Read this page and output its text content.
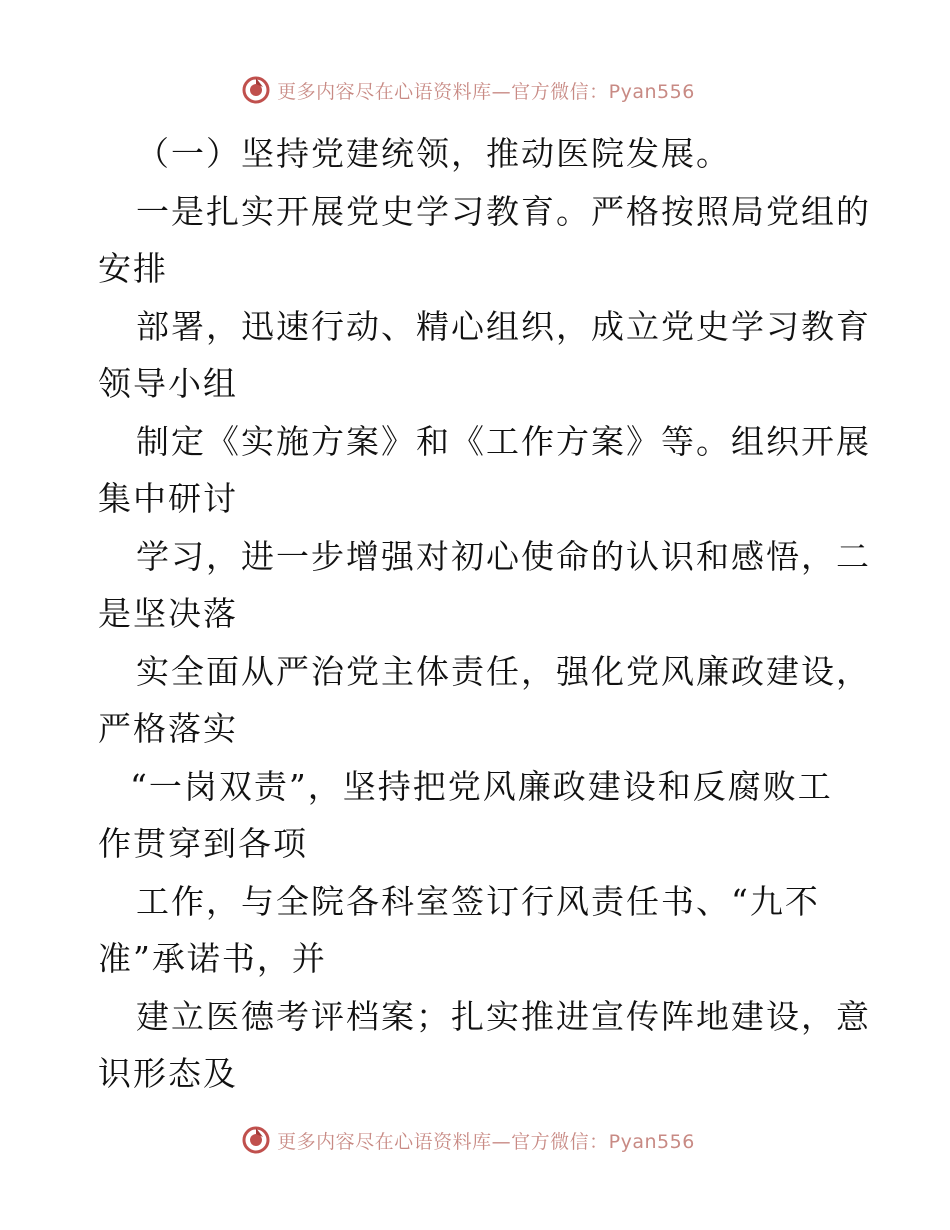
更多内容尽在心语资料库—官方微信：Pyan556
（一）坚持党建统领，推动医院发展。
一是扎实开展党史学习教育。严格按照局党组的
安排
部署，迅速行动、精心组织，成立党史学习教育
领导小组
制定《实施方案》和《工作方案》等。组织开展
集中研讨
学习，进一步增强对初心使命的认识和感悟，二
是坚决落
实全面从严治党主体责任，强化党风廉政建设，
严格落实
“一岗双责”，坚持把党风廉政建设和反腐败工
作贯穿到各项
工作，与全院各科室签订行风责任书、“九不
准”承诺书，并
建立医德考评档案；扎实推进宣传阵地建设，意
识形态及
更多内容尽在心语资料库—官方微信：Pyan556
